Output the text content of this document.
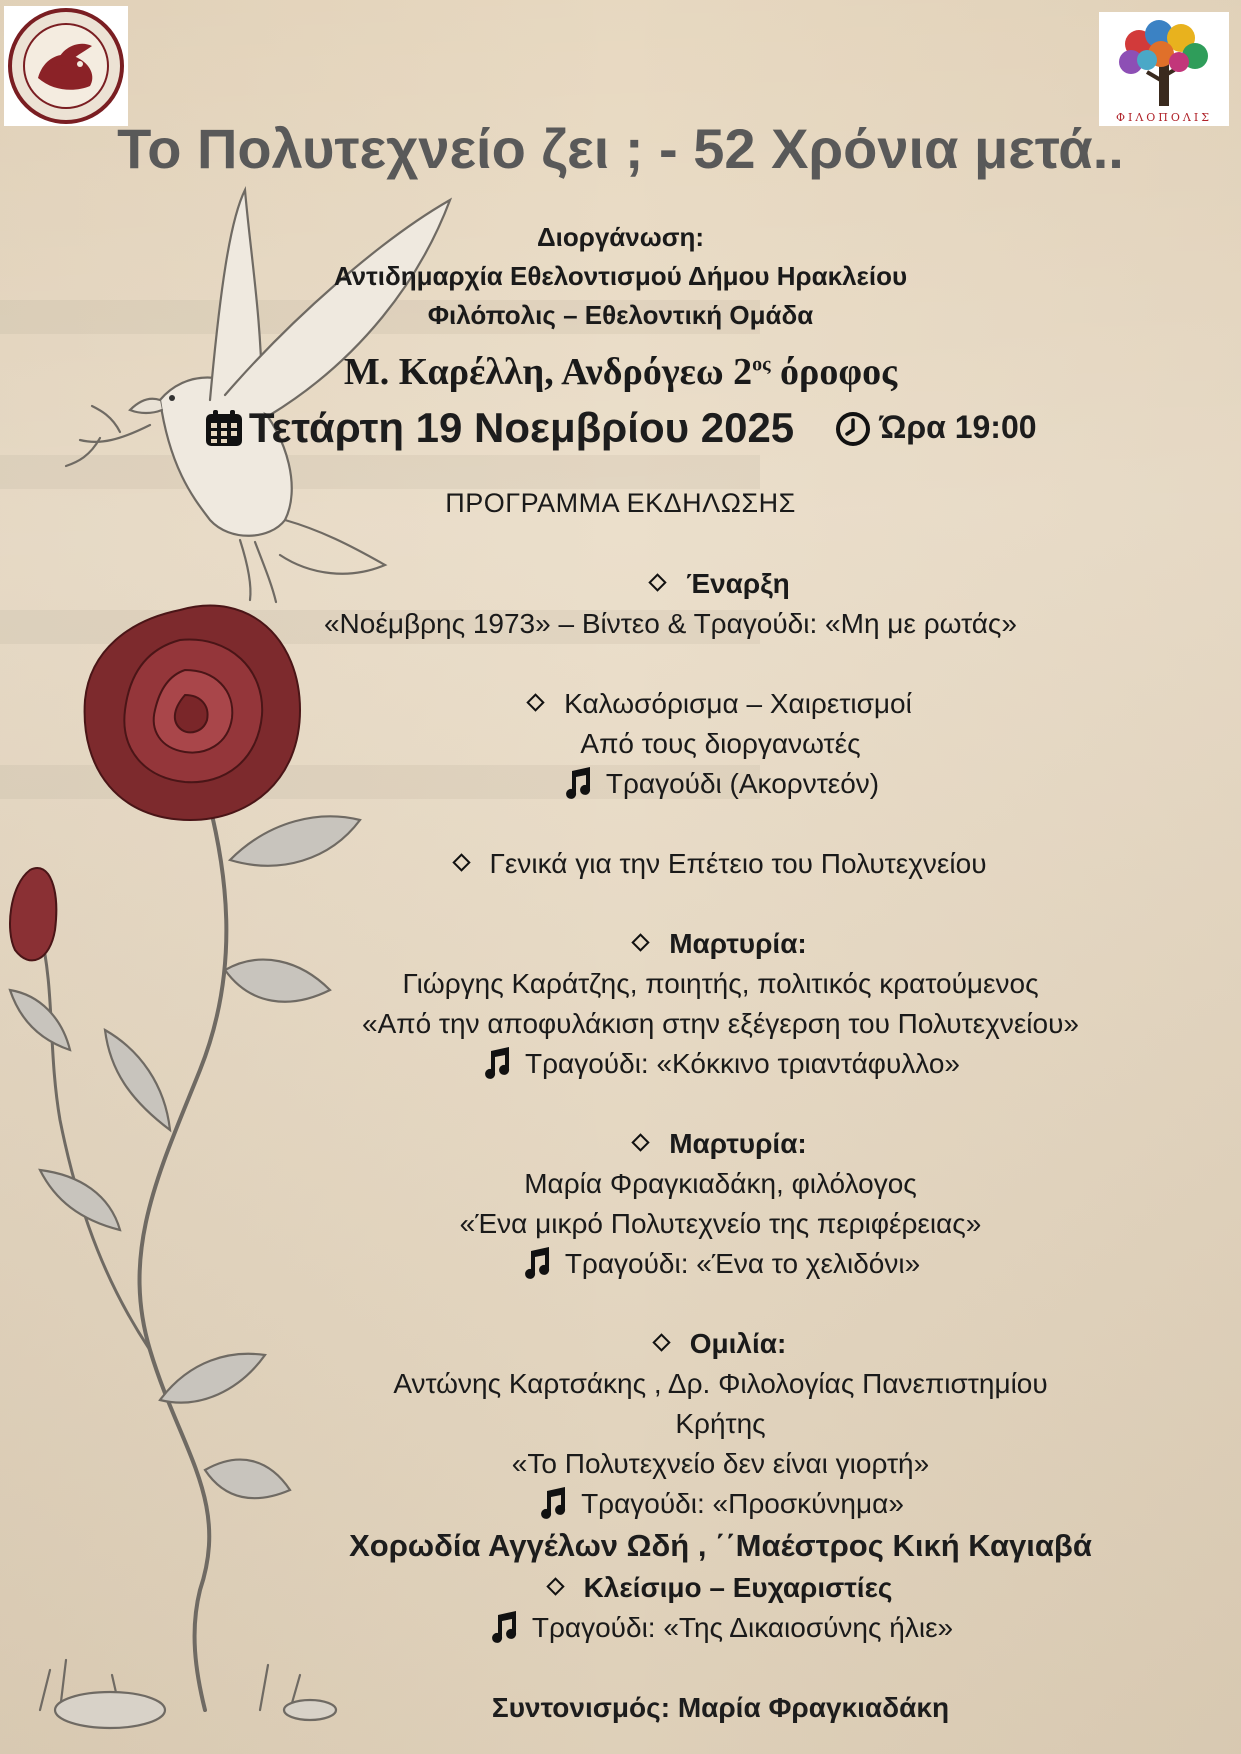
ΦΙΛΟΠΟΛΙΣ
Το Πολυτεχνείο ζει ; - 52 Χρόνια μετά..
Διοργάνωση:
Αντιδημαρχία Εθελοντισμού Δήμου Ηρακλείου
Φιλόπολις – Εθελοντική Ομάδα
Μ. Καρέλλη, Ανδρόγεω $2^{o\varsigma}$ όροφος
Τετάρτη 19 Νοεμβρίου 2025	Ώρα 19:00
ΠΡΟΓΡΑΜΜΑ ΕΚΔΗΛΩΣΗΣ
Έναρξη
«Νοέμβρης 1973» – Βίντεο & Τραγούδι: «Μη με ρωτάς»
Καλωσόρισμα – Χαιρετισμοί
Από τους διοργανωτές
Τραγούδι (Ακορντεόν)
Γενικά για την Επέτειο του Πολυτεχνείου
Μαρτυρία:
Γιώργης Καράτζης, ποιητής, πολιτικός κρατούμενος
«Από την αποφυλάκιση στην εξέγερση του Πολυτεχνείου»
Τραγούδι: «Κόκκινο τριαντάφυλλο»
Μαρτυρία:
Μαρία Φραγκιαδάκη, φιλόλογος
«Ένα μικρό Πολυτεχνείο της περιφέρειας»
Τραγούδι: «Ένα το χελιδόνι»
Ομιλία:
Αντώνης Καρτσάκης , Δρ. Φιλολογίας Πανεπιστημίου
Κρήτης
«Το Πολυτεχνείο δεν είναι γιορτή»
Τραγούδι: «Προσκύνημα»
Χορωδία Αγγέλων Ωδή , ΄΄Μαέστρος Κική Καγιαβά
Κλείσιμο – Ευχαριστίες
Τραγούδι: «Της Δικαιοσύνης ήλιε»
Συντονισμός: Μαρία Φραγκιαδάκη
